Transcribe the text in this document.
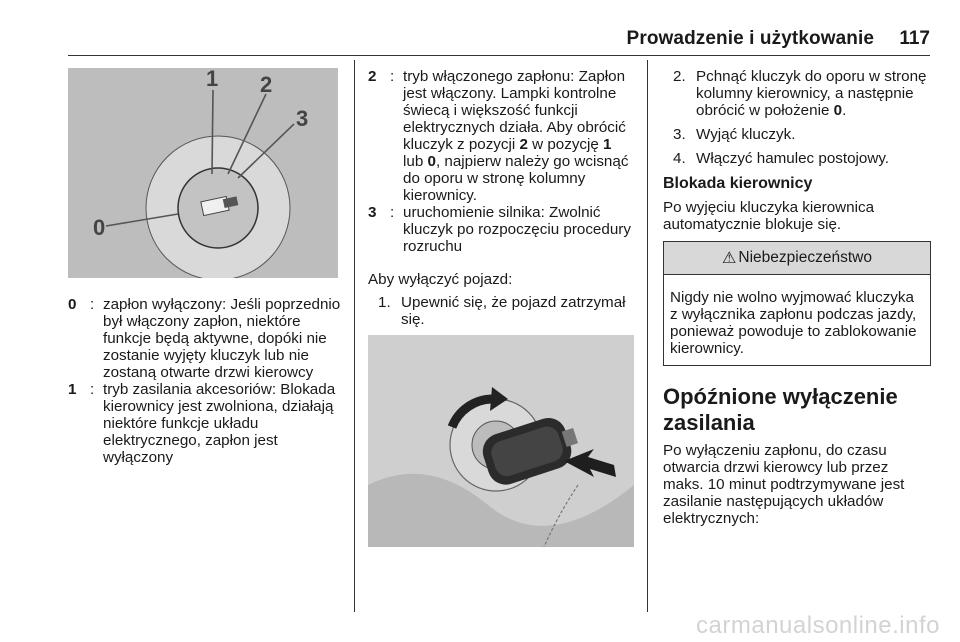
Prowadzenie i użytkowanie 117
1 2
3
0
0 : zapłon wyłączony: Jeśli poprzednio był włączony zapłon, niektóre funkcje będą aktywne, dopóki nie zostanie wyjęty kluczyk lub nie zostaną otwarte drzwi kierowcy
1 : tryb zasilania akcesoriów: Blokada kierownicy jest zwolniona, działają niektóre funkcje układu elektrycznego, zapłon jest wyłączony
2 : tryb włączonego zapłonu: Zapłon jest włączony. Lampki kontrolne świecą i większość funkcji elektrycznych działa. Aby obrócić kluczyk z pozycji 2 w pozycję 1 lub 0, najpierw należy go wcisnąć do oporu w stronę kolumny kierownicy.
3 : uruchomienie silnika: Zwolnić kluczyk po rozpoczęciu procedury rozruchu
Aby wyłączyć pojazd:
1. Upewnić się, że pojazd zatrzymał się.
2. Pchnąć kluczyk do oporu w stronę kolumny kierownicy, a następnie obrócić w położenie 0.
3. Wyjąć kluczyk.
4. Włączyć hamulec postojowy.
Blokada kierownicy
Po wyjęciu kluczyka kierownica automatycznie blokuje się.
⚠ Niebezpieczeństwo
Nigdy nie wolno wyjmować kluczyka z wyłącznika zapłonu podczas jazdy, ponieważ powoduje to zablokowanie kierownicy.
Opóźnione wyłączenie zasilania
Po wyłączeniu zapłonu, do czasu otwarcia drzwi kierowcy lub przez maks. 10 minut podtrzymywane jest zasilanie następujących układów elektrycznych:
carmanualsonline.info
